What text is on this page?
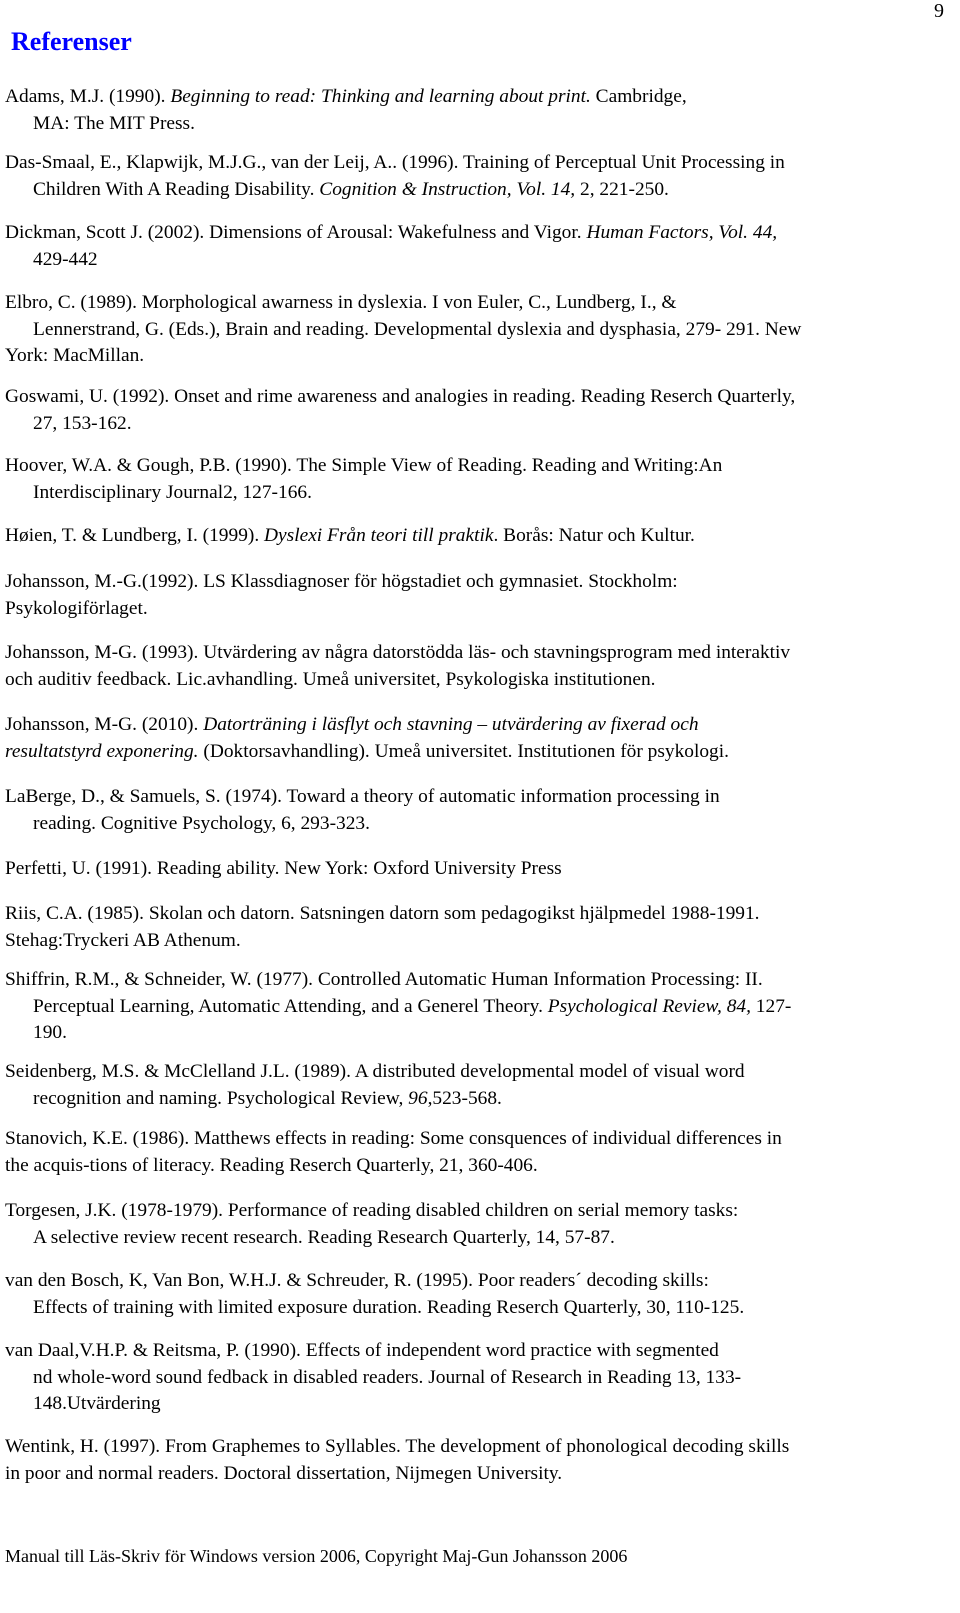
9
Referenser
Adams, M.J. (1990). Beginning to read: Thinking and learning about print. Cambridge,
MA: The MIT Press.
Das-Smaal, E., Klapwijk, M.J.G., van der Leij, A.. (1996). Training of Perceptual Unit Processing in
Children With A Reading Disability. Cognition & Instruction, Vol. 14, 2, 221-250.
Dickman, Scott J. (2002). Dimensions of Arousal: Wakefulness and Vigor. Human Factors, Vol. 44,
429-442
Elbro, C. (1989). Morphological awarness in dyslexia. I von Euler, C., Lundberg, I., &
Lennerstrand, G. (Eds.), Brain and reading. Developmental dyslexia and dysphasia, 279- 291. New
York: MacMillan.
Goswami, U. (1992). Onset and rime awareness and analogies in reading. Reading Reserch Quarterly,
27, 153-162.
Hoover, W.A. & Gough, P.B. (1990). The Simple View of Reading. Reading and Writing:An
Interdisciplinary Journal2, 127-166.
Høien, T. & Lundberg, I. (1999). Dyslexi Från teori till praktik. Borås: Natur och Kultur.
Johansson, M.-G.(1992). LS Klassdiagnoser för högstadiet och gymnasiet. Stockholm:
Psykologiförlaget.
Johansson, M-G. (1993). Utvärdering av några datorstödda läs- och stavningsprogram med interaktiv
och auditiv feedback. Lic.avhandling. Umeå universitet, Psykologiska institutionen.
Johansson, M-G. (2010). Datorträning i läsflyt och stavning – utvärdering av fixerad och
resultatstyrd exponering. (Doktorsavhandling). Umeå universitet. Institutionen för psykologi.
LaBerge, D., & Samuels, S. (1974). Toward a theory of automatic information processing in
reading. Cognitive Psychology, 6, 293-323.
Perfetti, U. (1991). Reading ability. New York: Oxford University Press
Riis, C.A. (1985). Skolan och datorn. Satsningen datorn som pedagogikst hjälpmedel 1988-1991.
Stehag:Tryckeri AB Athenum.
Shiffrin, R.M., & Schneider, W. (1977). Controlled Automatic Human Information Processing: II.
Perceptual Learning, Automatic Attending, and a Generel Theory. Psychological Review, 84, 127-
190.
Seidenberg, M.S. & McClelland J.L. (1989). A distributed developmental model of visual word
recognition and naming. Psychological Review, 96,523-568.
Stanovich, K.E. (1986). Matthews effects in reading: Some consquences of individual differences in
the acquis-tions of literacy. Reading Reserch Quarterly, 21, 360-406.
Torgesen, J.K. (1978-1979). Performance of reading disabled children on serial memory tasks:
A selective review recent research. Reading Research Quarterly, 14, 57-87.
van den Bosch, K, Van Bon, W.H.J. & Schreuder, R. (1995). Poor readers´ decoding skills:
Effects of training with limited exposure duration. Reading Reserch Quarterly, 30, 110-125.
van Daal,V.H.P. & Reitsma, P. (1990). Effects of independent word practice with segmented
nd whole-word sound fedback in disabled readers. Journal of Research in Reading 13, 133-
148.Utvärdering
Wentink, H. (1997). From Graphemes to Syllables. The development of phonological decoding skills
in poor and normal readers. Doctoral dissertation, Nijmegen University.
Manual till Läs-Skriv för Windows version 2006, Copyright Maj-Gun Johansson 2006
